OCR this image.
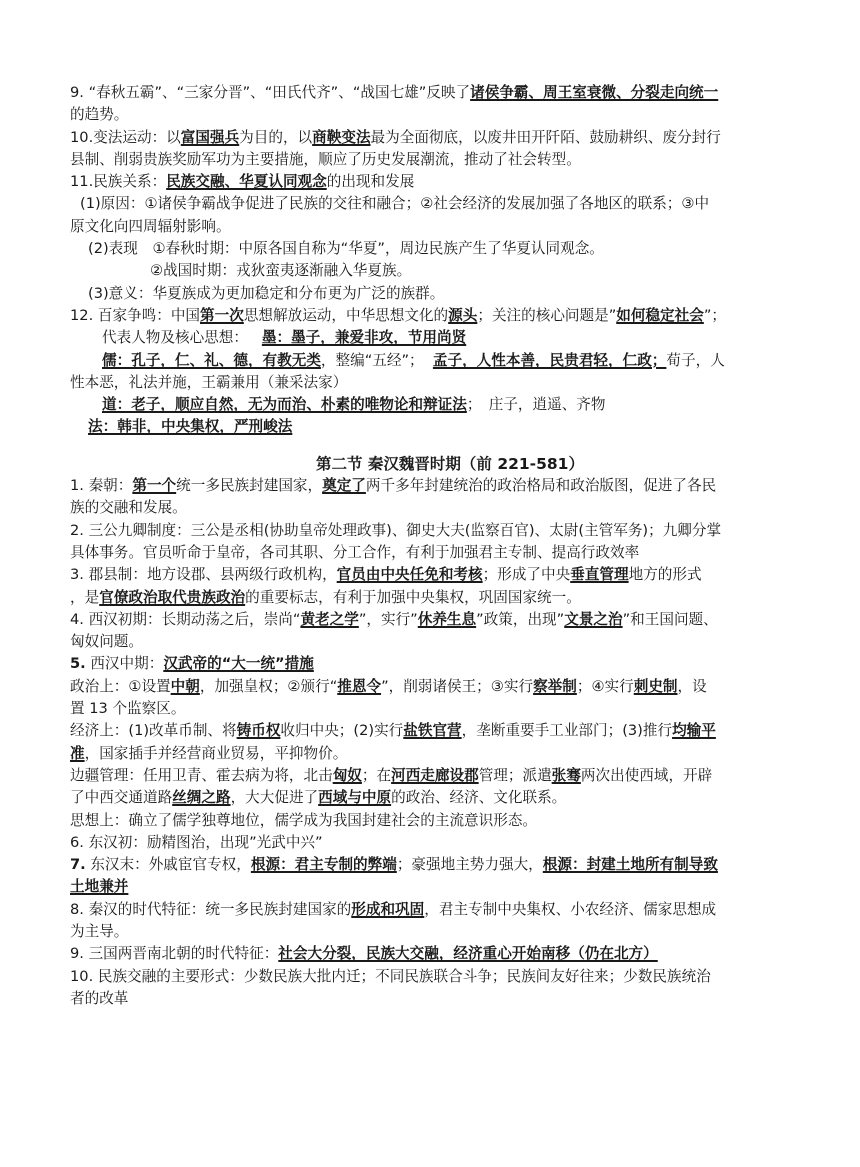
9. “春秋五霸”、“三家分晋”、“田氏代齐”、“战国七雄”反映了诸侯争霸、周王室衰微、分裂走向统一
的趋势。
10.变法运动：以富国强兵为目的，以商鞅变法最为全面彻底，以废井田开阡陌、鼓励耕织、废分封行
县制、削弱贵族奖励军功为主要措施，顺应了历史发展潮流，推动了社会转型。
11.民族关系：民族交融、华夏认同观念的出现和发展
(1)原因：①诸侯争霸战争促进了民族的交往和融合；②社会经济的发展加强了各地区的联系；③中
原文化向四周辐射影响。
(2)表现　①春秋时期：中原各国自称为“华夏”，周边民族产生了华夏认同观念。
②战国时期：戎狄蛮夷逐渐融入华夏族。
(3)意义：华夏族成为更加稳定和分布更为广泛的族群。
12. 百家争鸣：中国第一次思想解放运动，中华思想文化的源头；关注的核心问题是”如何稳定社会”；
代表人物及核心思想： 墨：墨子，兼爱非攻，节用尚贤
儒：孔子，仁、礼、德，有教无类，整编“五经”； 孟子，人性本善，民贵君轻，仁政；荀子，人
性本恶，礼法并施，王霸兼用（兼采法家）
道：老子，顺应自然，无为而治、朴素的唯物论和辩证法；　庄子，逍遥、齐物
法：韩非，中央集权，严刑峻法
第二节 秦汉魏晋时期（前 221-581）
1. 秦朝：第一个统一多民族封建国家，奠定了两千多年封建统治的政治格局和政治版图，促进了各民
族的交融和发展。
2. 三公九卿制度：三公是丞相(协助皇帝处理政事)、御史大夫(监察百官)、太尉(主管军务)；九卿分掌
具体事务。官员听命于皇帝，各司其职、分工合作，有利于加强君主专制、提高行政效率
3. 郡县制：地方设郡、县两级行政机构，官员由中央任免和考核；形成了中央垂直管理地方的形式
，是官僚政治取代贵族政治的重要标志，有利于加强中央集权，巩固国家统一。
4. 西汉初期：长期动荡之后，崇尚“黄老之学”，实行”休养生息”政策，出现”文景之治”和王国问题、
匈奴问题。
5. 西汉中期：汉武帝的“大一统”措施
政治上：①设置中朝，加强皇权；②颁行“推恩令”，削弱诸侯王；③实行察举制；④实行刺史制，设
置 13 个监察区。
经济上：(1)改革币制、将铸币权收归中央；(2)实行盐铁官营，垄断重要手工业部门；(3)推行均输平
准，国家插手并经营商业贸易，平抑物价。
边疆管理：任用卫青、霍去病为将，北击匈奴；在河西走廊设郡管理；派遣张骞两次出使西域，开辟
了中西交通道路丝绸之路，大大促进了西域与中原的政治、经济、文化联系。
思想上：确立了儒学独尊地位，儒学成为我国封建社会的主流意识形态。
6. 东汉初：励精图治，出现”光武中兴”
7. 东汉末：外戚宦官专权，根源：君主专制的弊端；豪强地主势力强大，根源：封建土地所有制导致
土地兼并
8. 秦汉的时代特征：统一多民族封建国家的形成和巩固，君主专制中央集权、小农经济、儒家思想成
为主导。
9. 三国两晋南北朝的时代特征：社会大分裂，民族大交融，经济重心开始南移（仍在北方）
10. 民族交融的主要形式：少数民族大批内迁；不同民族联合斗争；民族间友好往来；少数民族统治
者的改革
